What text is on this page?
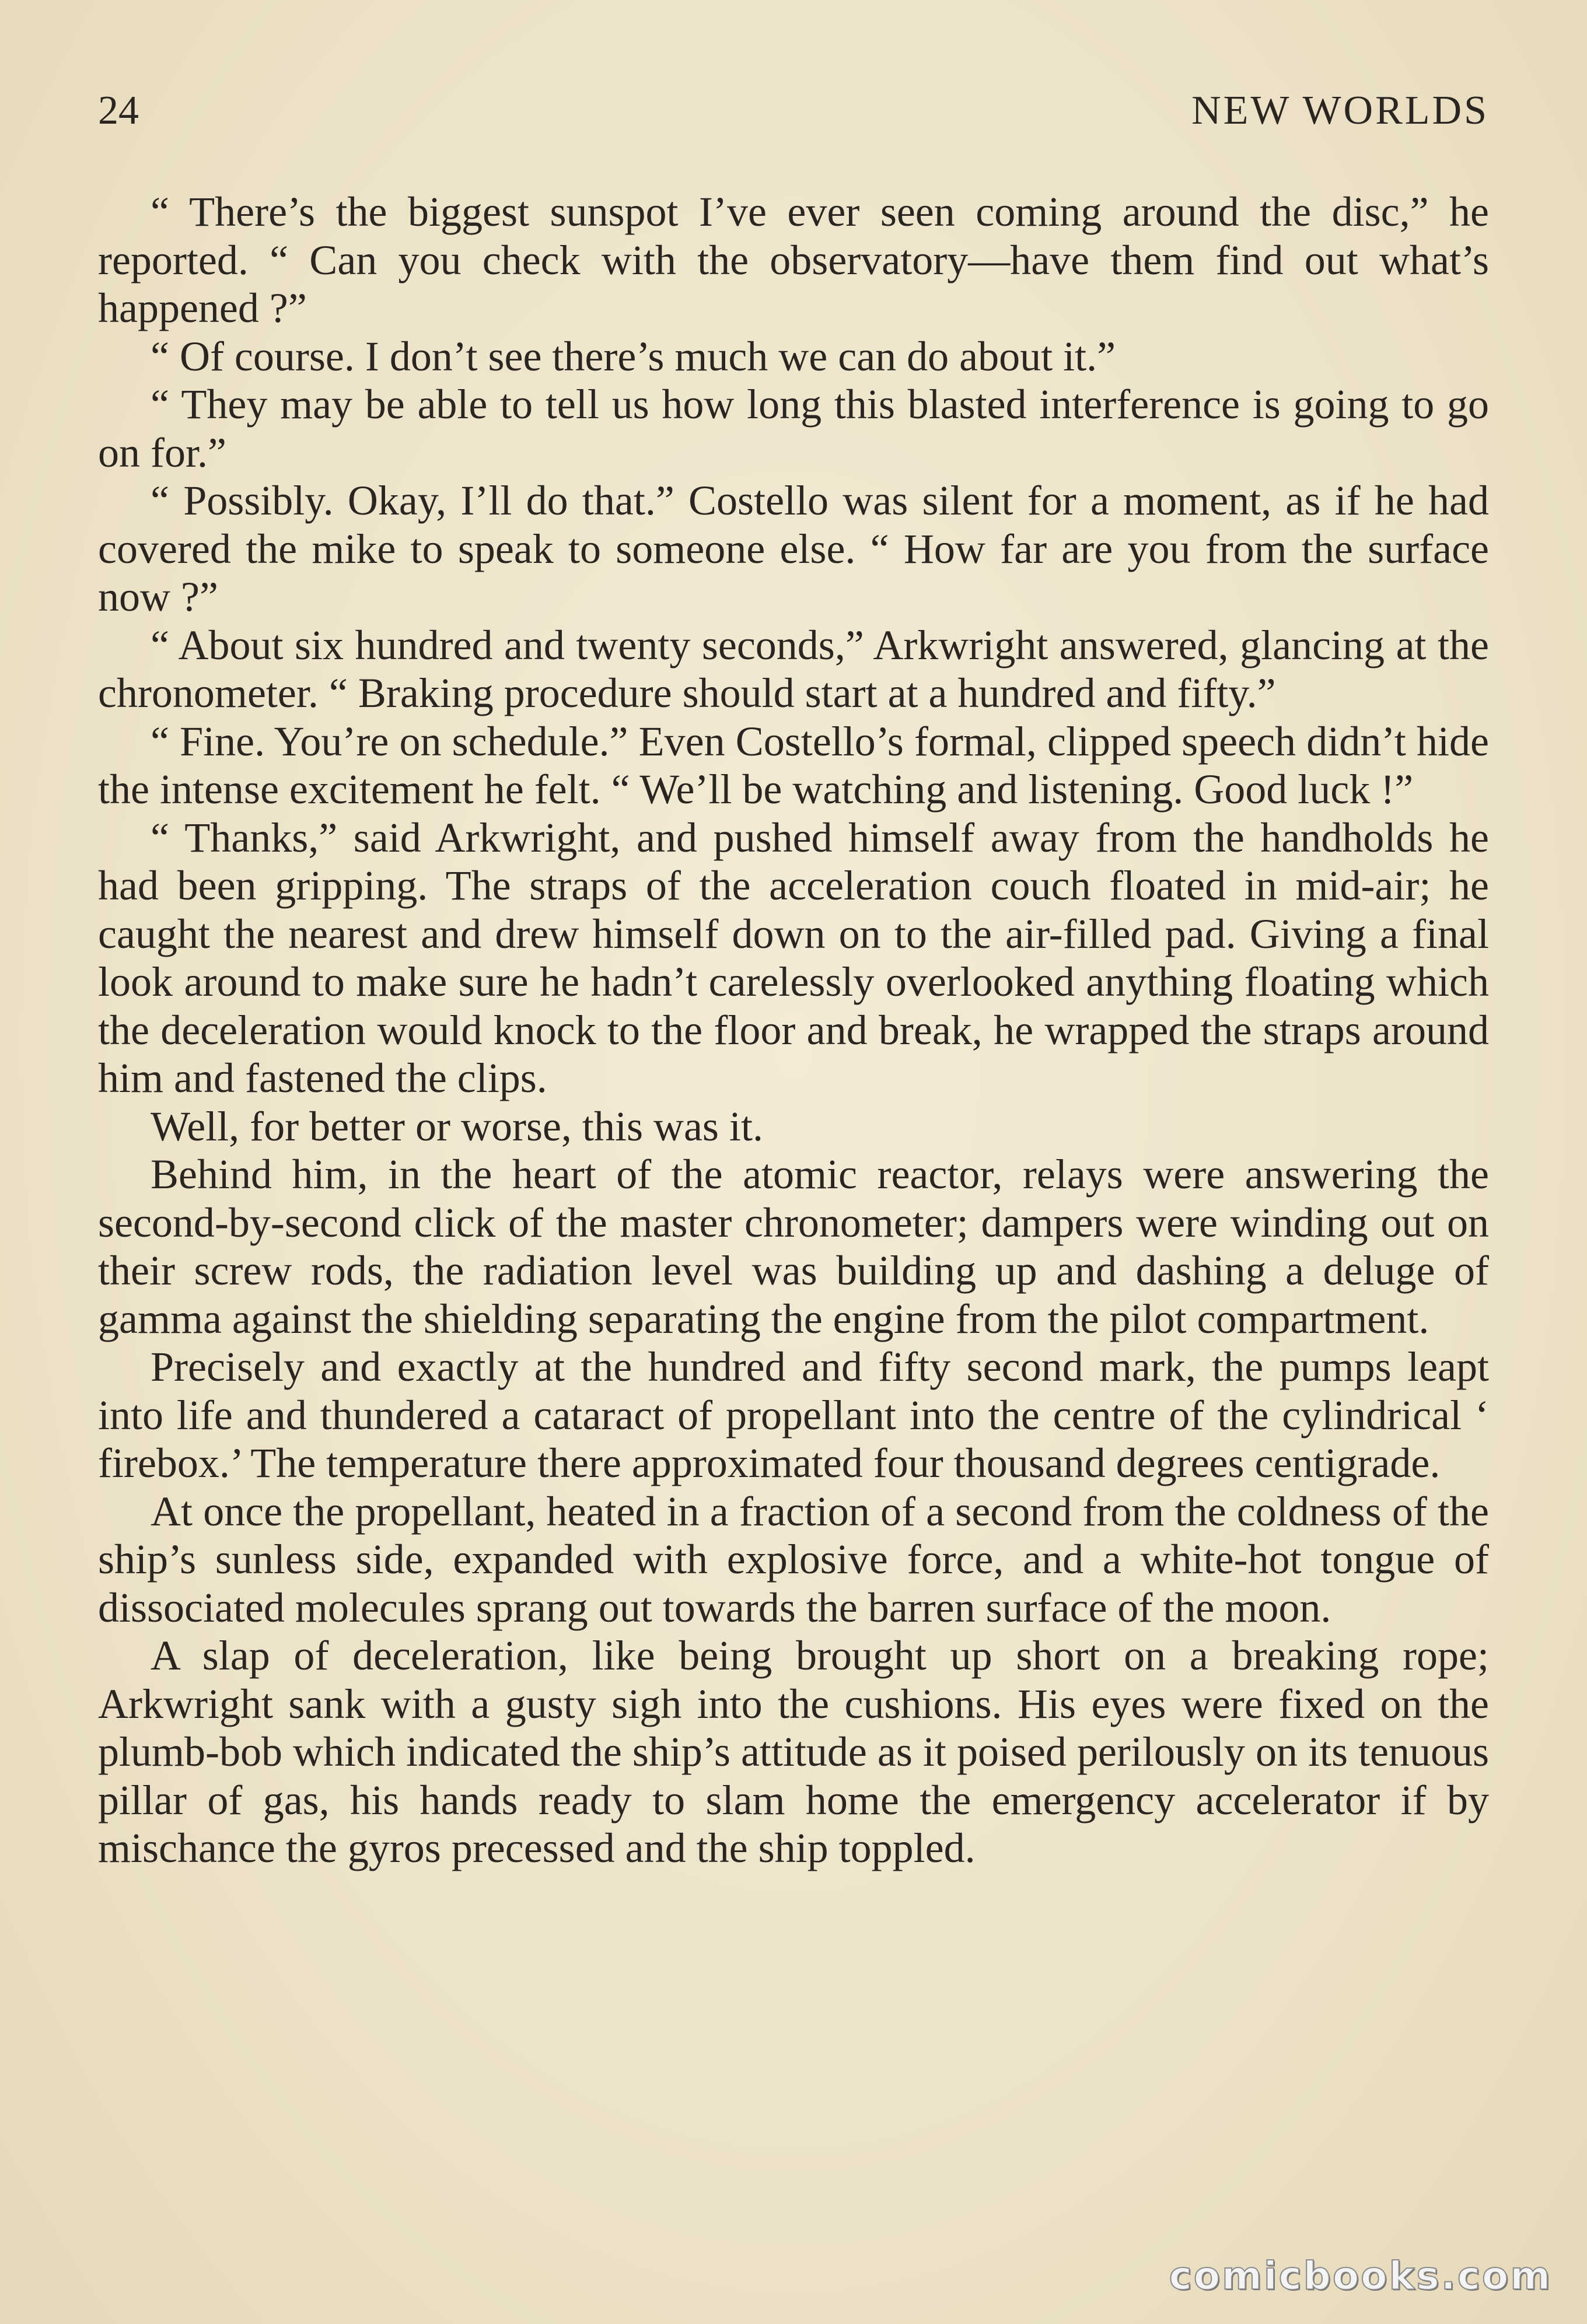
24	NEW WORLDS

“ There’s the biggest sunspot I’ve ever seen coming around the disc,” he reported. “ Can you check with the observatory—have them find out what’s happened ?”

“ Of course. I don’t see there’s much we can do about it.”

“ They may be able to tell us how long this blasted interference is going to go on for.”

“ Possibly. Okay, I’ll do that.” Costello was silent for a moment, as if he had covered the mike to speak to someone else. “ How far are you from the surface now ?”

“ About six hundred and twenty seconds,” Arkwright answered, glancing at the chronometer. “ Braking procedure should start at a hundred and fifty.”

“ Fine. You’re on schedule.” Even Costello’s formal, clipped speech didn’t hide the intense excitement he felt. “ We’ll be watching and listening. Good luck !”

“ Thanks,” said Arkwright, and pushed himself away from the handholds he had been gripping. The straps of the acceleration couch floated in mid-air; he caught the nearest and drew himself down on to the air-filled pad. Giving a final look around to make sure he hadn’t carelessly overlooked anything floating which the deceleration would knock to the floor and break, he wrapped the straps around him and fastened the clips.

Well, for better or worse, this was it.

Behind him, in the heart of the atomic reactor, relays were answering the second-by-second click of the master chronometer; dampers were winding out on their screw rods, the radiation level was building up and dashing a deluge of gamma against the shielding separating the engine from the pilot compartment.

Precisely and exactly at the hundred and fifty second mark, the pumps leapt into life and thundered a cataract of propellant into the centre of the cylindrical ‘ firebox.’ The temperature there approximated four thousand degrees centigrade.

At once the propellant, heated in a fraction of a second from the coldness of the ship’s sunless side, expanded with explosive force, and a white-hot tongue of dissociated molecules sprang out towards the barren surface of the moon.

A slap of deceleration, like being brought up short on a breaking rope; Arkwright sank with a gusty sigh into the cushions. His eyes were fixed on the plumb-bob which indicated the ship’s attitude as it poised perilously on its tenuous pillar of gas, his hands ready to slam home the emergency accelerator if by mischance the gyros precessed and the ship toppled.

comicbooks.com
